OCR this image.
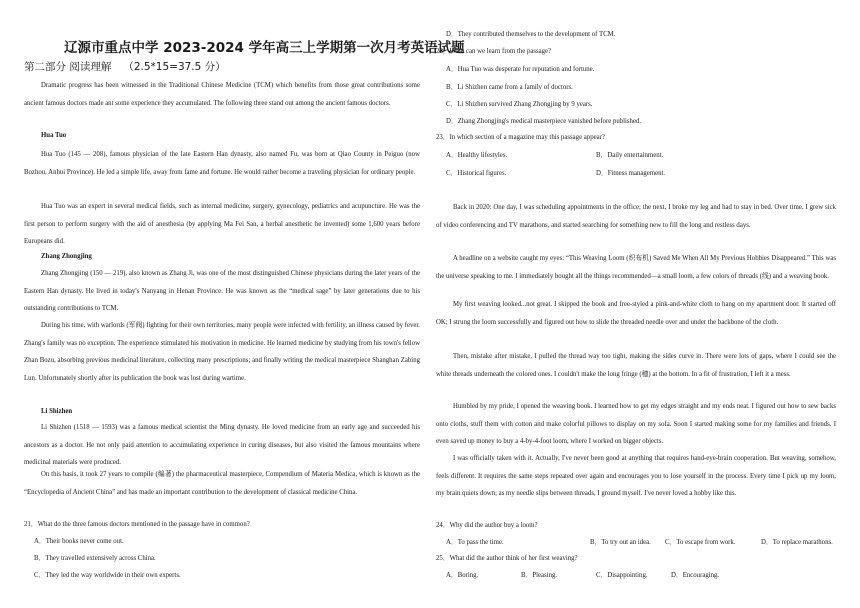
辽源市重点中学 2023-2024 学年高三上学期第一次月考英语试题
第二部分 阅读理解 （2.5*15=37.5 分）
Dramatic progress has been witnessed in the Traditional Chinese Medicine (TCM) which benefits from those great contributions some ancient famous doctors made ant some experience they accumulated. The following three stand out among the ancient famous doctors.
Hua Tuo
Hua Tuo (145 — 208), famous physician of the late Eastern Han dynasty, also named Fu, was born at Qiao County in Peiguo (now Bozhou, Anhui Province). He led a simple life, away from fame and fortune. He would rather become a traveling physician for ordinary people.
Hua Tuo was an expert in several medical fields, such as internal medicine, surgery, gynecology, pediatrics and acupuncture. He was the first person to perform surgery with the aid of anesthesia (by applying Ma Fei San, a herbal anesthetic he invented) some 1,600 years before Europeans did.
Zhang Zhongjing
Zhang Zhongjing (150 — 219), also known as Zhang Ji, was one of the most distinguished Chinese physicians during the later years of the Eastern Han dynasty. He lived in today's Nanyang in Henan Province. He was known as the “medical sage” by later generations due to his outstanding contributions to TCM.
During his time, with warlords (军阀) fighting for their own territories, many people were infected with fertility, an illness caused by fever. Zhang's family was no exception. The experience stimulated his motivation in medicine. He learned medicine by studying from his town's fellow Zhan Bozu, absorbing previous medicinal literature, collecting many prescriptions; and finally writing the medical masterpiece Shanghan Zabing Lun. Unfortunately shortly after its publication the book was lost during wartime.
Li Shizhen
Li Shizhen (1518 — 1593) was a famous medical scientist the Ming dynasty. He loved medicine from an early age and succeeded his ancestors as a doctor. He not only paid attention to accumulating experience in curing diseases, but also visited the famous mountains where medicinal materials were produced.
On this basis, it took 27 years to compile (编著) the pharmaceutical masterpiece, Compendium of Materia Medica, which is known as the “Encyclopedia of Ancient China” and has made an important contribution to the development of classical medicine China.
21．What do the three famous doctors mentioned in the passage have in common?
A．Their books never come out.
B．They travelled extensively across China.
C．They led the way worldwide in their own experts.
D．They contributed themselves to the development of TCM.
22．What can we learn from the passage?
A．Hua Tuo was desperate for reputation and fortune.
B．Li Shizhen came from a family of doctors.
C．Li Shizhen survived Zhang Zhongjing by 9 years.
D．Zhang Zhongjing's medical masterpiece vanished before published.
23．In which section of a magazine may this passage appear?
A．Healthy lifestyles.	B．Daily entertainment.
C．Historical figures.	D．Fitness management.
Back in 2020: One day, I was scheduling appointments in the office; the next, I broke my leg and had to stay in bed. Over time, I grew sick of video conferencing and TV marathons, and started searching for something new to fill the long and restless days.
A headline on a website caught my eyes: “This Weaving Loom (织布机) Saved Me When All My Previous Hobbies Disappeared.” This was the universe speaking to me. I immediately bought all the things recommended—a small loom, a few colors of threads (线) and a weaving book.
My first weaving looked...not great. I skipped the book and free-styled a pink-and-white cloth to hang on my apartment door. It started off OK; I strung the loom successfully and figured out how to slide the threaded needle over and under the backbone of the cloth.
Then, mistake after mistake, I pulled the thread way too tight, making the sides curve in. There were lots of gaps, where I could see the white threads underneath the colored ones. I couldn't make the long fringe (穗) at the bottom. In a fit of frustration, I left it a mess.
Humbled by my pride, I opened the weaving book. I learned how to get my edges straight and my ends neat. I figured out how to sew backs onto cloths, stuff them with cotton and make colorful pillows to display on my sofa. Soon I started making some for my families and friends. I even saved up money to buy a 4-by-4-foot loom, where I worked on bigger objects.
I was officially taken with it. Actually, I've never been good at anything that requires hand-eye-brain cooperation. But weaving, somehow, feels different. It requires the same steps repeated over again and encourages you to lose yourself in the process. Every time I pick up my loom, my brain quiets down; as my needle slips between threads, I ground myself. I've never loved a hobby like this.
24．Why did the author buy a loom?
A．To pass the time.	B．To try out an idea. C．To escape from work.	D．To replace marathons.
25．What did the author think of her first weaving?
A．Boring.	B．Pleasing.	C．Disappointing.	D．Encouraging.
